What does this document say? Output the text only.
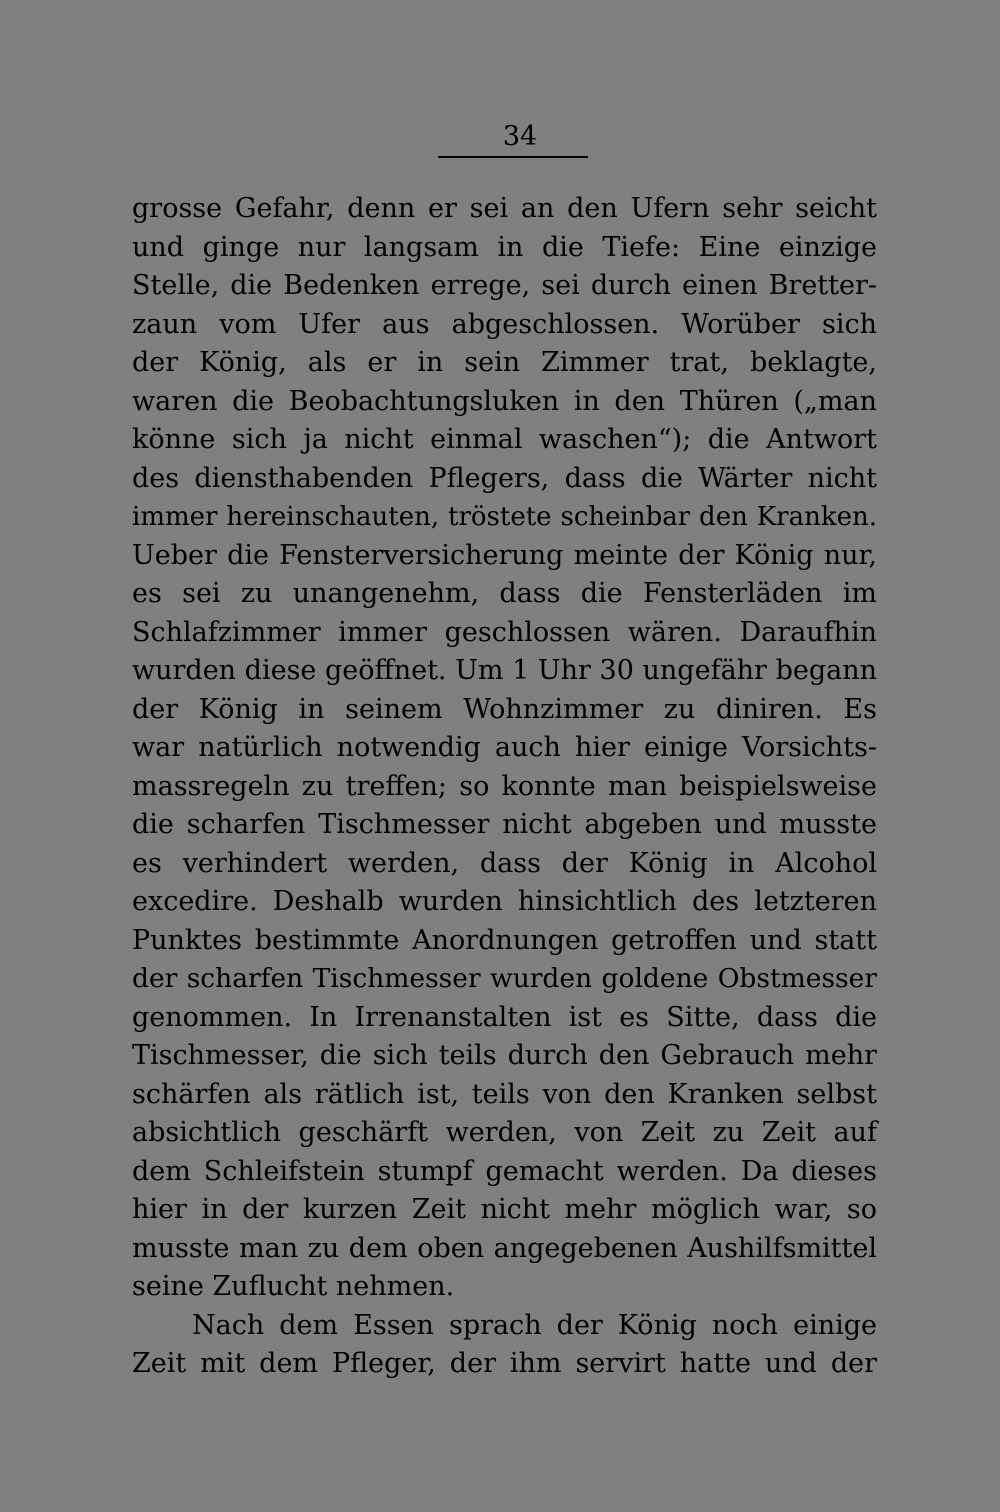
34
grosse Gefahr, denn er sei an den Ufern sehr seicht
und ginge nur langsam in die Tiefe: Eine einzige
Stelle, die Bedenken errege, sei durch einen Bretter-
zaun vom Ufer aus abgeschlossen. Worüber sich
der König, als er in sein Zimmer trat, beklagte,
waren die Beobachtungsluken in den Thüren („man
könne sich ja nicht einmal waschen“); die Antwort
des diensthabenden Pflegers, dass die Wärter nicht
immer hereinschauten, tröstete scheinbar den Kranken.
Ueber die Fensterversicherung meinte der König nur,
es sei zu unangenehm, dass die Fensterläden im
Schlafzimmer immer geschlossen wären. Daraufhin
wurden diese geöffnet. Um 1 Uhr 30 ungefähr begann
der König in seinem Wohnzimmer zu diniren. Es
war natürlich notwendig auch hier einige Vorsichts-
massregeln zu treffen; so konnte man beispielsweise
die scharfen Tischmesser nicht abgeben und musste
es verhindert werden, dass der König in Alcohol
excedire. Deshalb wurden hinsichtlich des letzteren
Punktes bestimmte Anordnungen getroffen und statt
der scharfen Tischmesser wurden goldene Obstmesser
genommen. In Irrenanstalten ist es Sitte, dass die
Tischmesser, die sich teils durch den Gebrauch mehr
schärfen als rätlich ist, teils von den Kranken selbst
absichtlich geschärft werden, von Zeit zu Zeit auf
dem Schleifstein stumpf gemacht werden. Da dieses
hier in der kurzen Zeit nicht mehr möglich war, so
musste man zu dem oben angegebenen Aushilfsmittel
seine Zuflucht nehmen.
Nach dem Essen sprach der König noch einige
Zeit mit dem Pfleger, der ihm servirt hatte und der
